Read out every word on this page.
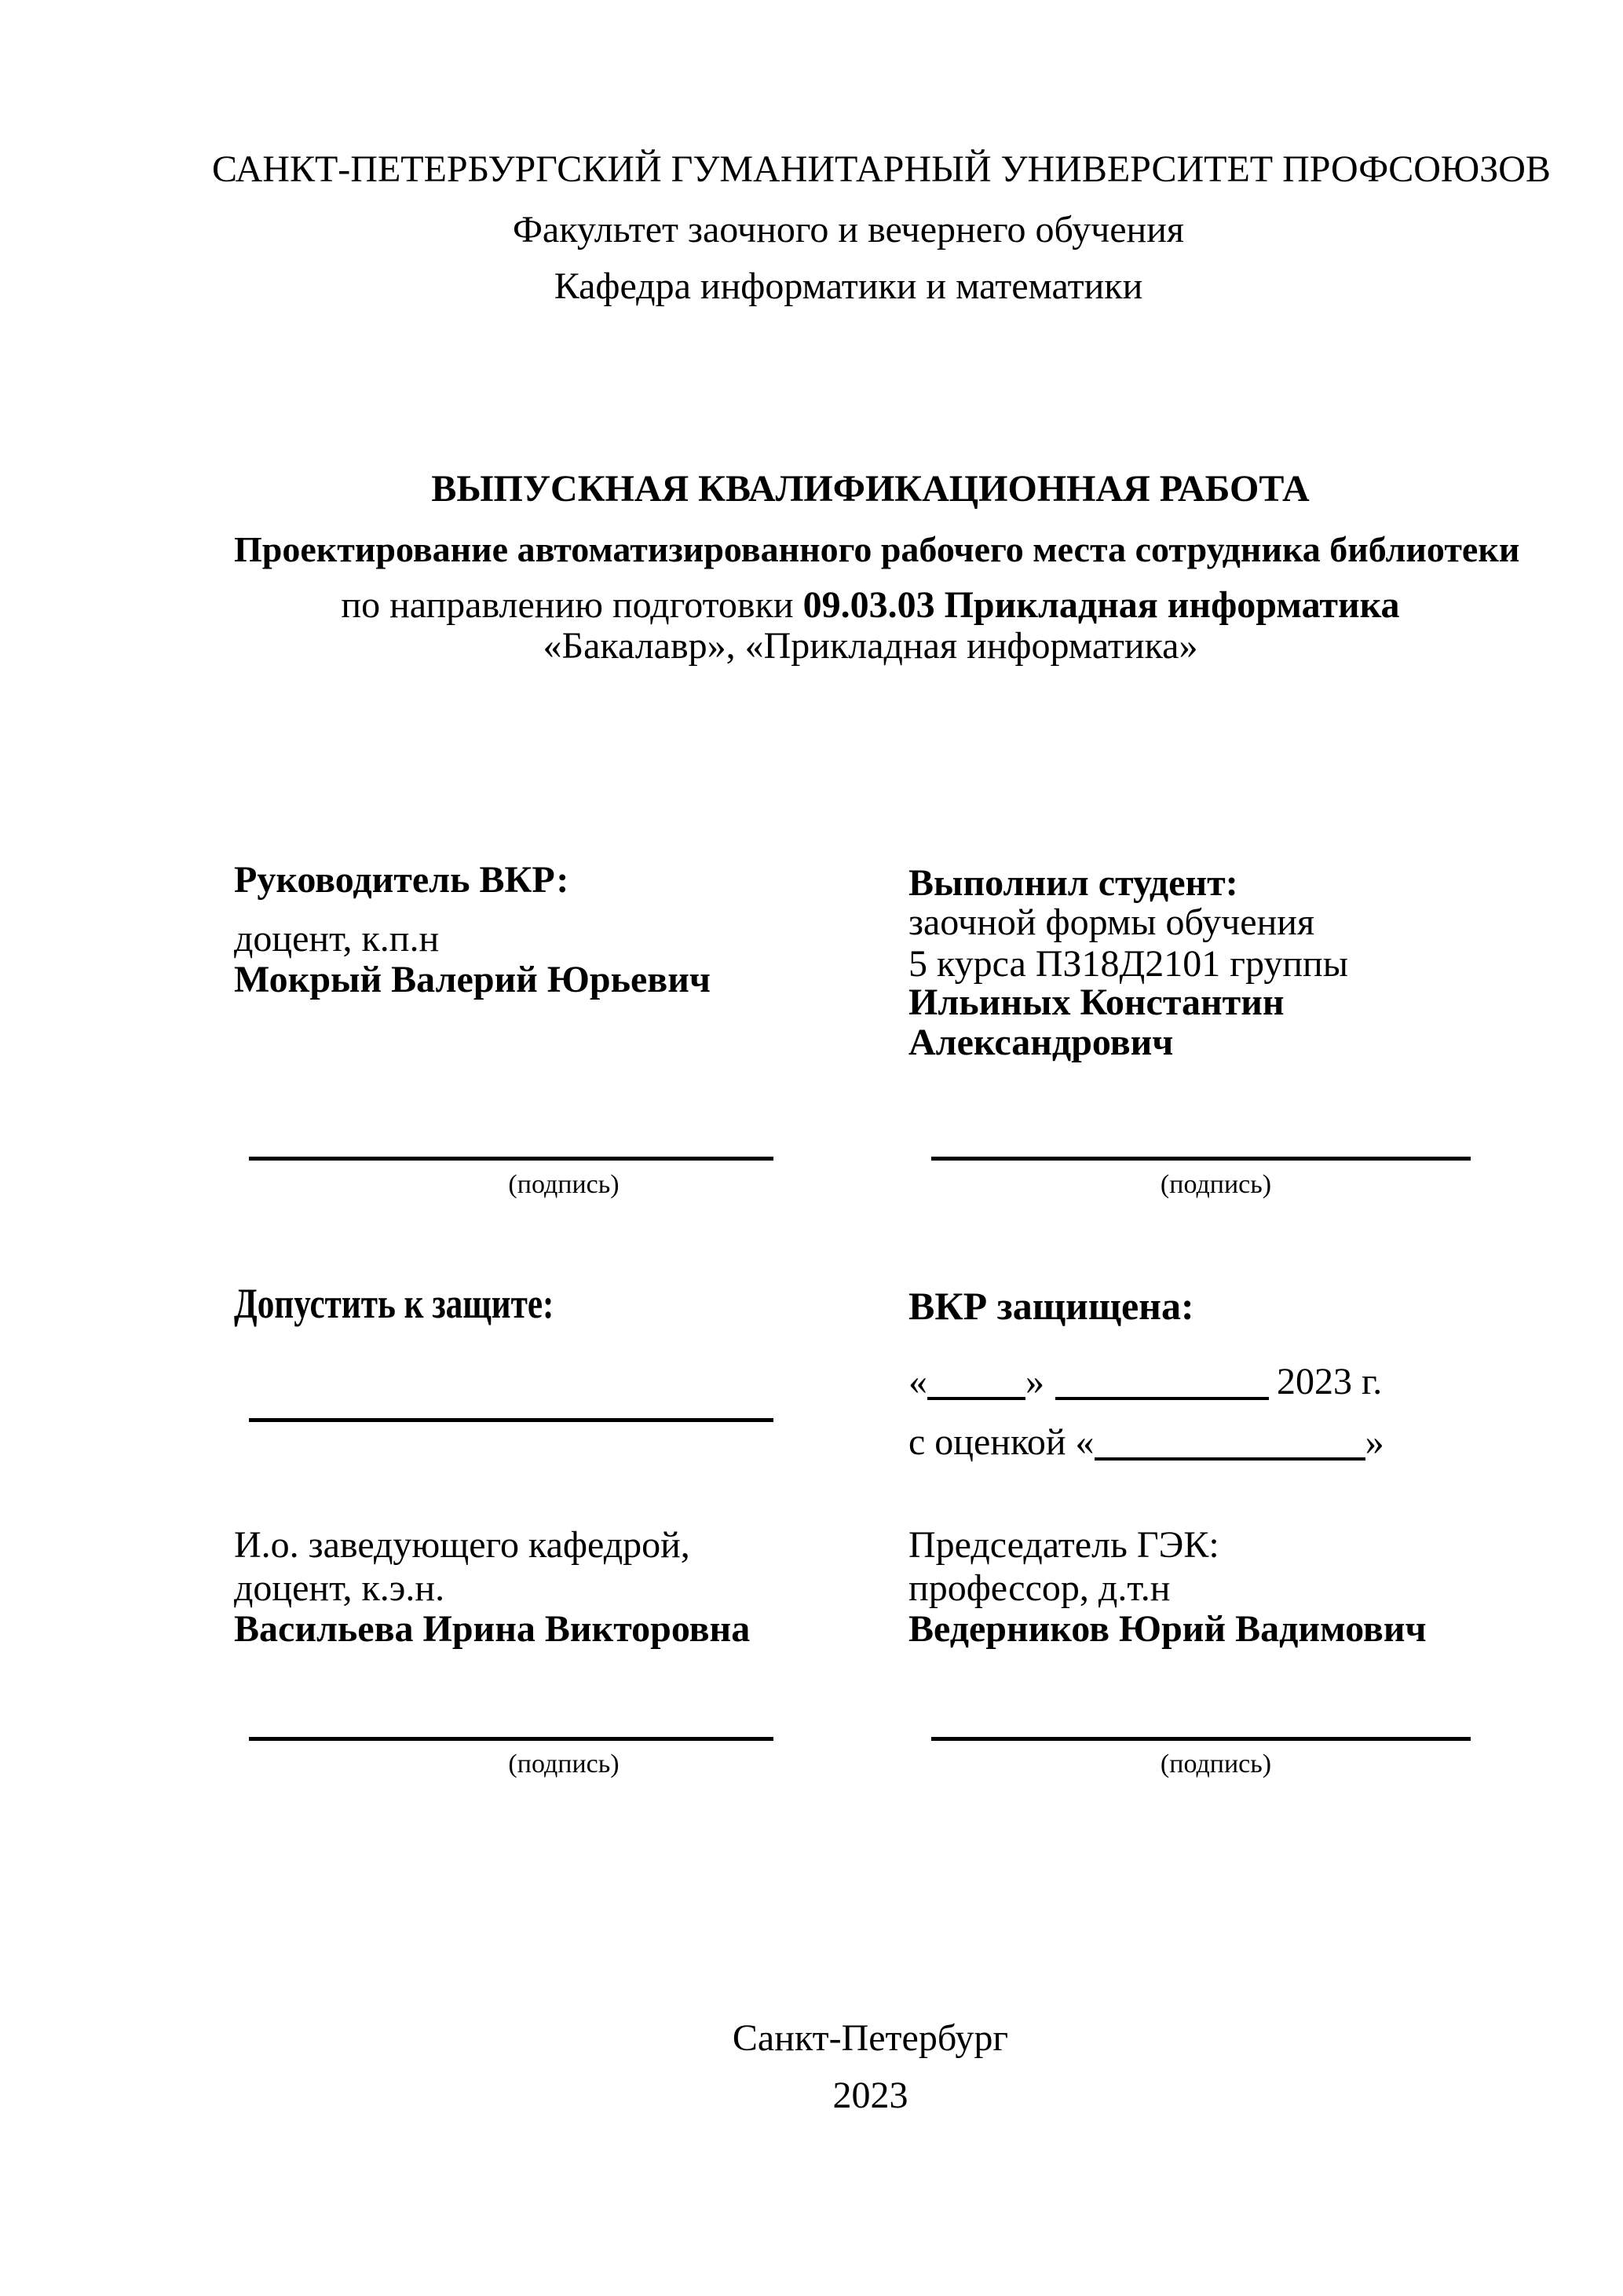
САНКТ-ПЕТЕРБУРГСКИЙ ГУМАНИТАРНЫЙ УНИВЕРСИТЕТ ПРОФСОЮЗОВ
Факультет заочного и вечернего обучения
Кафедра информатики и математики
ВЫПУСКНАЯ КВАЛИФИКАЦИОННАЯ РАБОТА
Проектирование автоматизированного рабочего места сотрудника библиотеки
по направлению подготовки 09.03.03 Прикладная информатика
«Бакалавр», «Прикладная информатика»
Руководитель ВКР:
доцент, к.п.н
Мокрый Валерий Юрьевич
Выполнил студент:
заочной формы обучения
5 курса ПЗ18Д2101 группы
Ильиных Константин
Александрович
(подпись)	(подпись)
Допустить к защите:	ВКР защищена:
«	»	2023 г.
с оценкой «	»
И.о. заведующего кафедрой,
доцент, к.э.н.
Васильева Ирина Викторовна
Председатель ГЭК:
профессор, д.т.н
Ведерников Юрий Вадимович
(подпись)	(подпись)
Санкт-Петербург
2023
